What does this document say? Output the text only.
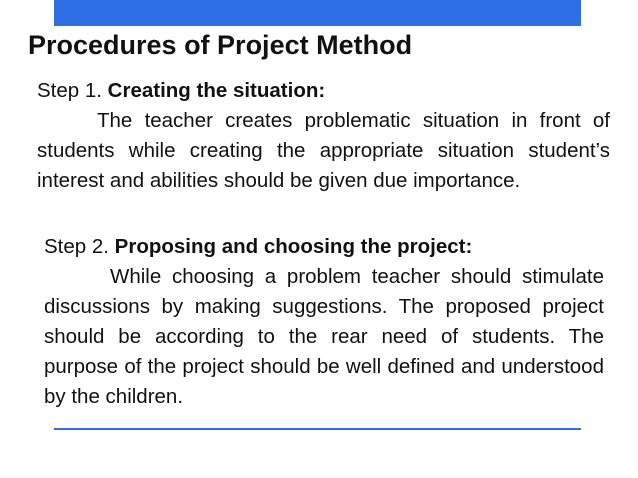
Procedures of Project Method

Step 1. Creating the situation:

The teacher creates problematic situation in front of students while creating the appropriate situation student’s interest and abilities should be given due importance.

Step 2. Proposing and choosing the project:

While choosing a problem teacher should stimulate discussions by making suggestions. The proposed project should be according to the rear need of students. The purpose of the project should be well defined and understood by the children.
